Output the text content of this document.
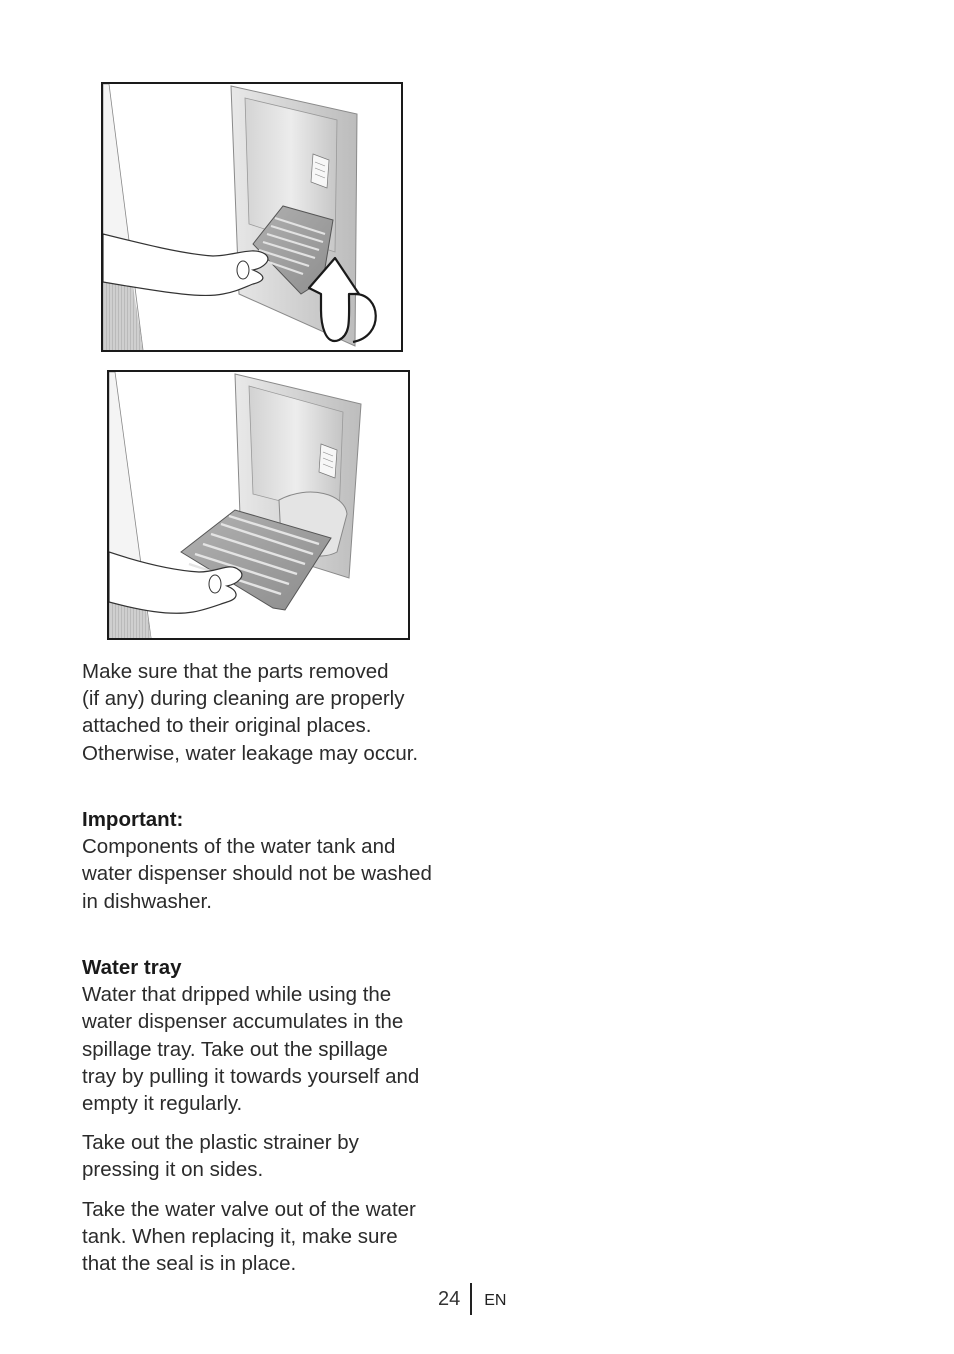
Make sure that the parts removed
(if any) during cleaning are properly
attached to their original places.
Otherwise, water leakage may occur.

Important:
Components of the water tank and
water dispenser should not be washed
in dishwasher.

Water tray
Water that dripped while using the
water dispenser accumulates in the
spillage tray. Take out the spillage
tray by pulling it towards yourself and
empty it regularly.

Take out the plastic strainer by
pressing it on sides.

Take the water valve out of the water
tank. When replacing it, make sure
that the seal is in place.

24 EN
